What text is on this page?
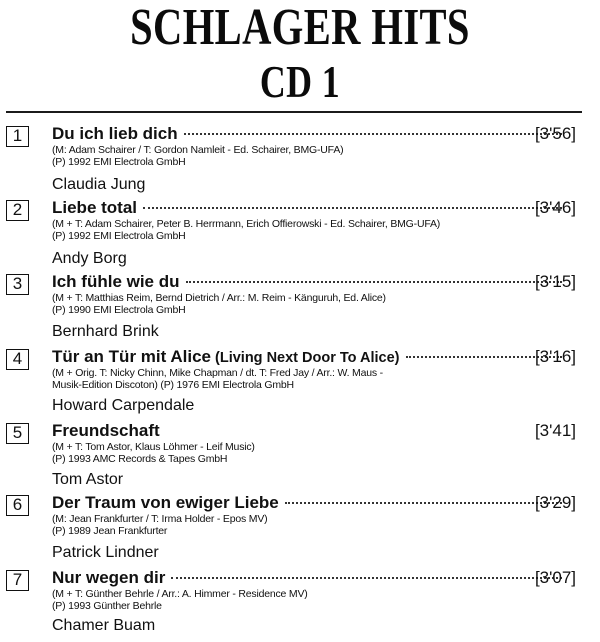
SCHLAGER HITS
CD 1
1	Du ich lieb dich	[3'56]
(M: Adam Schairer / T: Gordon Namleit - Ed. Schairer, BMG-UFA)
(P) 1992 EMI Electrola GmbH
Claudia Jung
2	Liebe total	[3'46]
(M + T: Adam Schairer, Peter B. Herrmann, Erich Offierowski - Ed. Schairer, BMG-UFA)
(P) 1992 EMI Electrola GmbH
Andy Borg
3	Ich fühle wie du	[3'15]
(M + T: Matthias Reim, Bernd Dietrich / Arr.: M. Reim - Känguruh, Ed. Alice)
(P) 1990 EMI Electrola GmbH
Bernhard Brink
4	Tür an Tür mit Alice (Living Next Door To Alice)	[3'16]
(M + Orig. T: Nicky Chinn, Mike Chapman / dt. T: Fred Jay / Arr.: W. Maus -
Musik-Edition Discoton) (P) 1976 EMI Electrola GmbH
Howard Carpendale
5	Freundschaft	[3'41]
(M + T: Tom Astor, Klaus Löhmer - Leif Music)
(P) 1993 AMC Records & Tapes GmbH
Tom Astor
6	Der Traum von ewiger Liebe	[3'29]
(M: Jean Frankfurter / T: Irma Holder - Epos MV)
(P) 1989 Jean Frankfurter
Patrick Lindner
7	Nur wegen dir	[3'07]
(M + T: Günther Behrle / Arr.: A. Himmer - Residence MV)
(P) 1993 Günther Behrle
Chamer Buam
